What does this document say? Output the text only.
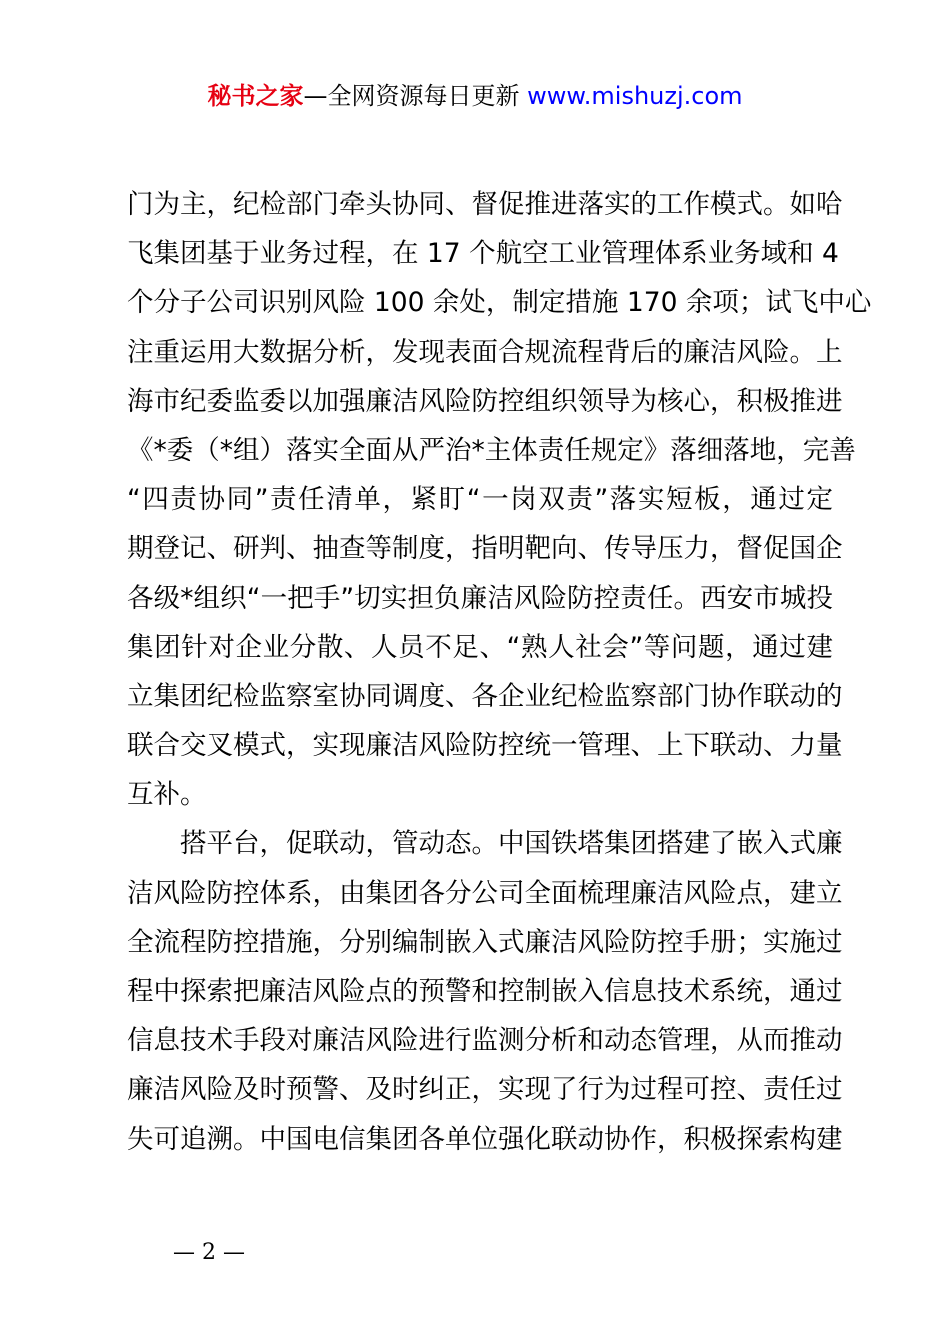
秘书之家—全网资源每日更新 www.mishuzj.com
门为主，纪检部门牵头协同、督促推进落实的工作模式。如哈
飞集团基于业务过程，在 17 个航空工业管理体系业务域和 4
个分子公司识别风险 100 余处，制定措施 170 余项；试飞中心
注重运用大数据分析，发现表面合规流程背后的廉洁风险。上
海市纪委监委以加强廉洁风险防控组织领导为核心，积极推进
《*委（*组）落实全面从严治*主体责任规定》落细落地，完善
“四责协同”责任清单，紧盯“一岗双责”落实短板，通过定
期登记、研判、抽查等制度，指明靶向、传导压力，督促国企
各级*组织“一把手”切实担负廉洁风险防控责任。西安市城投
集团针对企业分散、人员不足、“熟人社会”等问题，通过建
立集团纪检监察室协同调度、各企业纪检监察部门协作联动的
联合交叉模式，实现廉洁风险防控统一管理、上下联动、力量
互补。
搭平台，促联动，管动态。中国铁塔集团搭建了嵌入式廉
洁风险防控体系，由集团各分公司全面梳理廉洁风险点，建立
全流程防控措施，分别编制嵌入式廉洁风险防控手册；实施过
程中探索把廉洁风险点的预警和控制嵌入信息技术系统，通过
信息技术手段对廉洁风险进行监测分析和动态管理，从而推动
廉洁风险及时预警、及时纠正，实现了行为过程可控、责任过
失可追溯。中国电信集团各单位强化联动协作，积极探索构建
— 2 —
